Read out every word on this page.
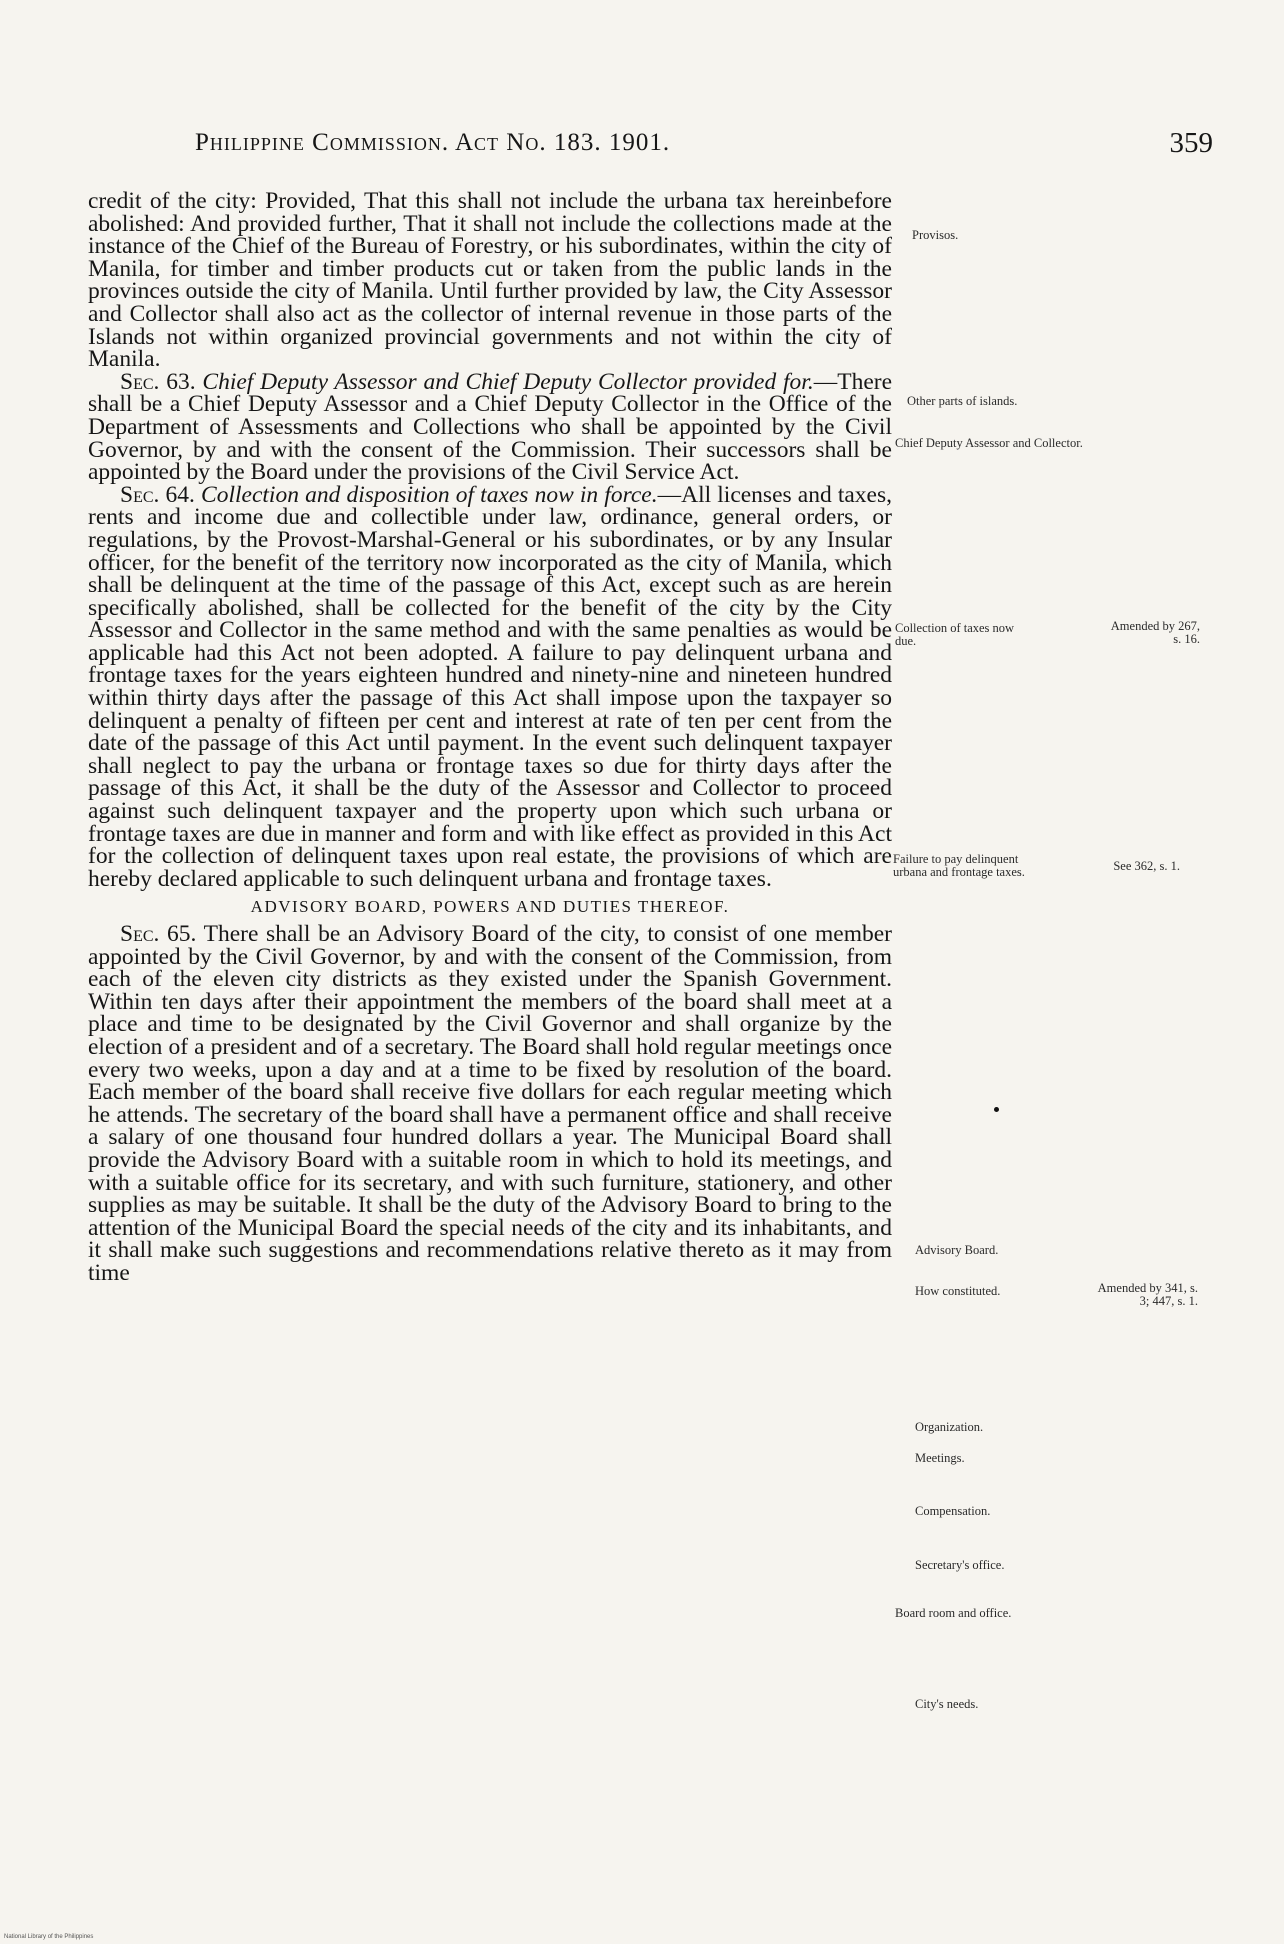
Philippine Commission. Act No. 183. 1901.	359

credit of the city: Provided, That this shall not include the urbana tax hereinbefore abolished: And provided further, That it shall not include the collections made at the instance of the Chief of the Bureau of Forestry, or his subordinates, within the city of Manila, for timber and timber products cut or taken from the public lands in the provinces outside the city of Manila. Until further provided by law, the City Assessor and Collector shall also act as the collector of internal revenue in those parts of the Islands not within organized provincial governments and not within the city of Manila.

Sec. 63. Chief Deputy Assessor and Chief Deputy Collector provided for.—There shall be a Chief Deputy Assessor and a Chief Deputy Collector in the Office of the Department of Assessments and Collections who shall be appointed by the Civil Governor, by and with the consent of the Commission. Their successors shall be appointed by the Board under the provisions of the Civil Service Act.

Sec. 64. Collection and disposition of taxes now in force.—All licenses and taxes, rents and income due and collectible under law, ordinance, general orders, or regulations, by the Provost-Marshal-General or his subordinates, or by any Insular officer, for the benefit of the territory now incorporated as the city of Manila, which shall be delinquent at the time of the passage of this Act, except such as are herein specifically abolished, shall be collected for the benefit of the city by the City Assessor and Collector in the same method and with the same penalties as would be applicable had this Act not been adopted. A failure to pay delinquent urbana and frontage taxes for the years eighteen hundred and ninety-nine and nineteen hundred within thirty days after the passage of this Act shall impose upon the taxpayer so delinquent a penalty of fifteen per cent and interest at rate of ten per cent from the date of the passage of this Act until payment. In the event such delinquent taxpayer shall neglect to pay the urbana or frontage taxes so due for thirty days after the passage of this Act, it shall be the duty of the Assessor and Collector to proceed against such delinquent taxpayer and the property upon which such urbana or frontage taxes are due in manner and form and with like effect as provided in this Act for the collection of delinquent taxes upon real estate, the provisions of which are hereby declared applicable to such delinquent urbana and frontage taxes.

ADVISORY BOARD, POWERS AND DUTIES THEREOF.

Sec. 65. There shall be an Advisory Board of the city, to consist of one member appointed by the Civil Governor, by and with the consent of the Commission, from each of the eleven city districts as they existed under the Spanish Government. Within ten days after their appointment the members of the board shall meet at a place and time to be designated by the Civil Governor and shall organize by the election of a president and of a secretary. The Board shall hold regular meetings once every two weeks, upon a day and at a time to be fixed by resolution of the board. Each member of the board shall receive five dollars for each regular meeting which he attends. The secretary of the board shall have a permanent office and shall receive a salary of one thousand four hundred dollars a year. The Municipal Board shall provide the Advisory Board with a suitable room in which to hold its meetings, and with a suitable office for its secretary, and with such furniture, stationery, and other supplies as may be suitable. It shall be the duty of the Advisory Board to bring to the attention of the Municipal Board the special needs of the city and its inhabitants, and it shall make such suggestions and recommendations relative thereto as it may from time

Provisos.
Other parts of islands.
Chief Deputy Assessor and Collector.
Collection of taxes now due.
Failure to pay delinquent urbana and frontage taxes.
Advisory Board.
How constituted.
Organization.
Meetings.
Compensation.
Secretary's office.
Board room and office.
City's needs.
Amended by 267, s. 16.
See 362, s. 1.
Amended by 341, s. 3; 447, s. 1.
National Library of the Philippines
